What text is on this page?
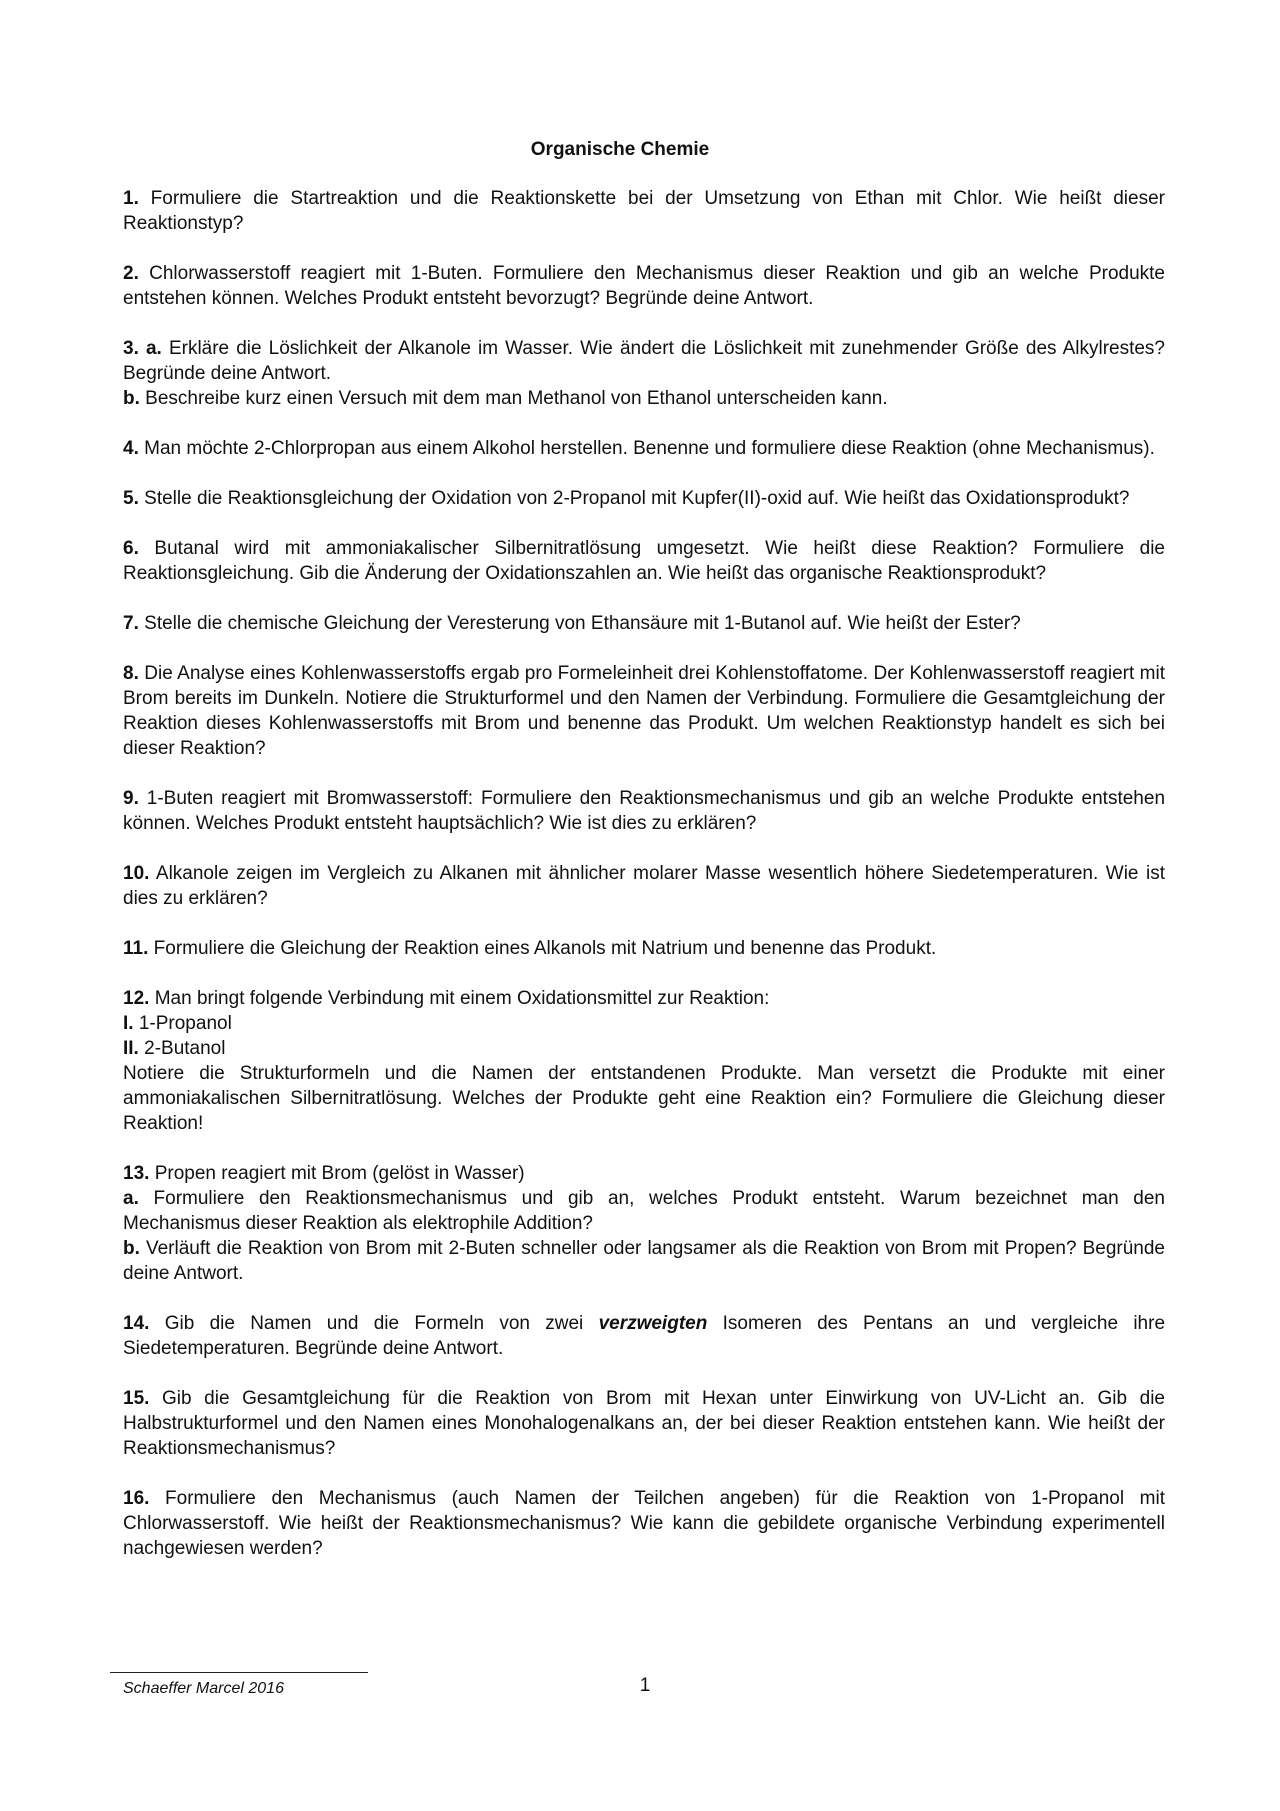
Organische Chemie
1. Formuliere die Startreaktion und die Reaktionskette bei der Umsetzung von Ethan mit Chlor. Wie heißt dieser Reaktionstyp?
2. Chlorwasserstoff reagiert mit 1-Buten. Formuliere den Mechanismus dieser Reaktion und gib an welche Produkte entstehen können. Welches Produkt entsteht bevorzugt? Begründe deine Antwort.

3. a. Erkläre die Löslichkeit der Alkanole im Wasser. Wie ändert die Löslichkeit mit zunehmender Größe des Alkylrestes? Begründe deine Antwort.

b. Beschreibe kurz einen Versuch mit dem man Methanol von Ethanol unterscheiden kann.

4. Man möchte 2-Chlorpropan aus einem Alkohol herstellen. Benenne und formuliere diese Reaktion (ohne Mechanismus).
5. Stelle die Reaktionsgleichung der Oxidation von 2-Propanol mit Kupfer(II)-oxid auf. Wie heißt das Oxidationsprodukt?
6. Butanal wird mit ammoniakalischer Silbernitratlösung umgesetzt. Wie heißt diese Reaktion? Formuliere die Reaktionsgleichung. Gib die Änderung der Oxidationszahlen an. Wie heißt das organische Reaktionsprodukt?
7. Stelle die chemische Gleichung der Veresterung von Ethansäure mit 1-Butanol auf. Wie heißt der Ester?
8. Die Analyse eines Kohlenwasserstoffs ergab pro Formeleinheit drei Kohlenstoffatome. Der Kohlenwasserstoff reagiert mit Brom bereits im Dunkeln. Notiere die Strukturformel und den Namen der Verbindung. Formuliere die Gesamtgleichung der Reaktion dieses Kohlenwasserstoffs mit Brom und benenne das Produkt. Um welchen Reaktionstyp handelt es sich bei dieser Reaktion?
9. 1-Buten reagiert mit Bromwasserstoff: Formuliere den Reaktionsmechanismus und gib an welche Produkte entstehen können. Welches Produkt entsteht hauptsächlich? Wie ist dies zu erklären?
10. Alkanole zeigen im Vergleich zu Alkanen mit ähnlicher molarer Masse wesentlich höhere Siedetemperaturen. Wie ist dies zu erklären?
11. Formuliere die Gleichung der Reaktion eines Alkanols mit Natrium und benenne das Produkt.

12. Man bringt folgende Verbindung mit einem Oxidationsmittel zur Reaktion:

I. 1-Propanol

II. 2-Butanol

Notiere die Strukturformeln und die Namen der entstandenen Produkte. Man versetzt die Produkte mit einer ammoniakalischen Silbernitratlösung. Welches der Produkte geht eine Reaktion ein? Formuliere die Gleichung dieser Reaktion!

13. Propen reagiert mit Brom (gelöst in Wasser)

a. Formuliere den Reaktionsmechanismus und gib an, welches Produkt entsteht. Warum bezeichnet man den Mechanismus dieser Reaktion als elektrophile Addition?

b. Verläuft die Reaktion von Brom mit 2-Buten schneller oder langsamer als die Reaktion von Brom mit Propen? Begründe deine Antwort.

14. Gib die Namen und die Formeln von zwei verzweigten Isomeren des Pentans an und vergleiche ihre Siedetemperaturen. Begründe deine Antwort.
15. Gib die Gesamtgleichung für die Reaktion von Brom mit Hexan unter Einwirkung von UV-Licht an. Gib die Halbstrukturformel und den Namen eines Monohalogenalkans an, der bei dieser Reaktion entstehen kann. Wie heißt der Reaktionsmechanismus?
16. Formuliere den Mechanismus (auch Namen der Teilchen angeben) für die Reaktion von 1-Propanol mit Chlorwasserstoff. Wie heißt der Reaktionsmechanismus? Wie kann die gebildete organische Verbindung experimentell nachgewiesen werden?
Schaeffer Marcel 2016	1
